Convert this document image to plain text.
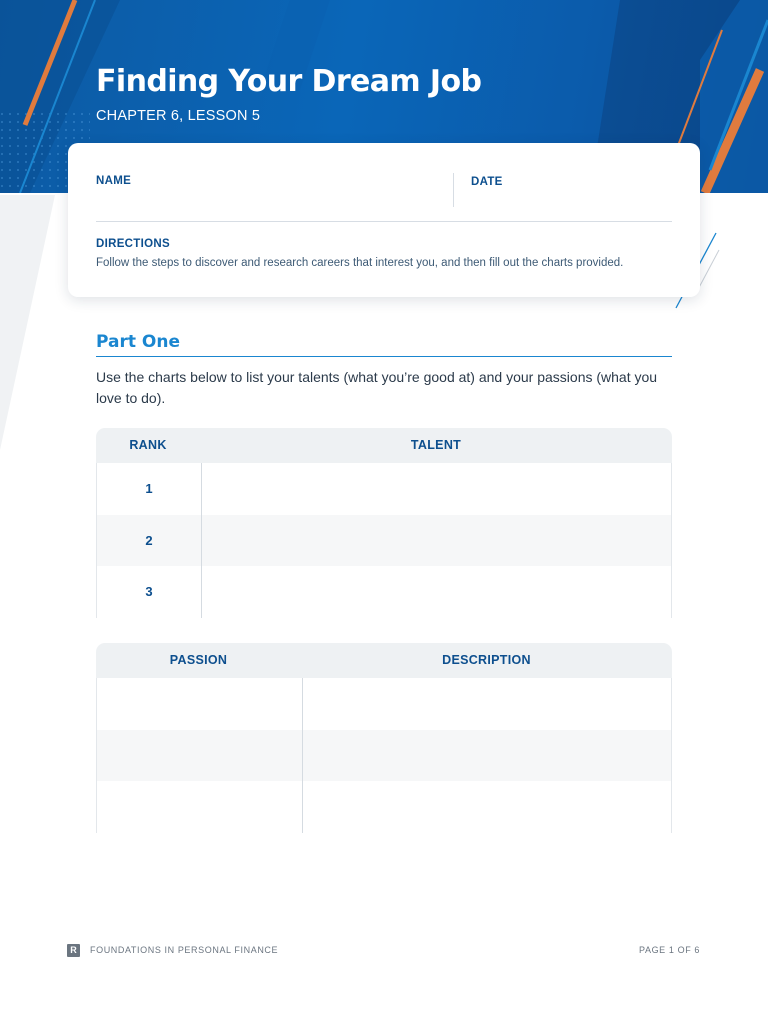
Finding Your Dream Job
CHAPTER 6, LESSON 5
NAME	DATE
DIRECTIONS
Follow the steps to discover and research careers that interest you, and then fill out the charts provided.
Part One
Use the charts below to list your talents (what you’re good at) and your passions (what you love to do).
RANK	TALENT
1
2
3
PASSION	DESCRIPTION
R	FOUNDATIONS IN PERSONAL FINANCE	PAGE 1 OF 6
